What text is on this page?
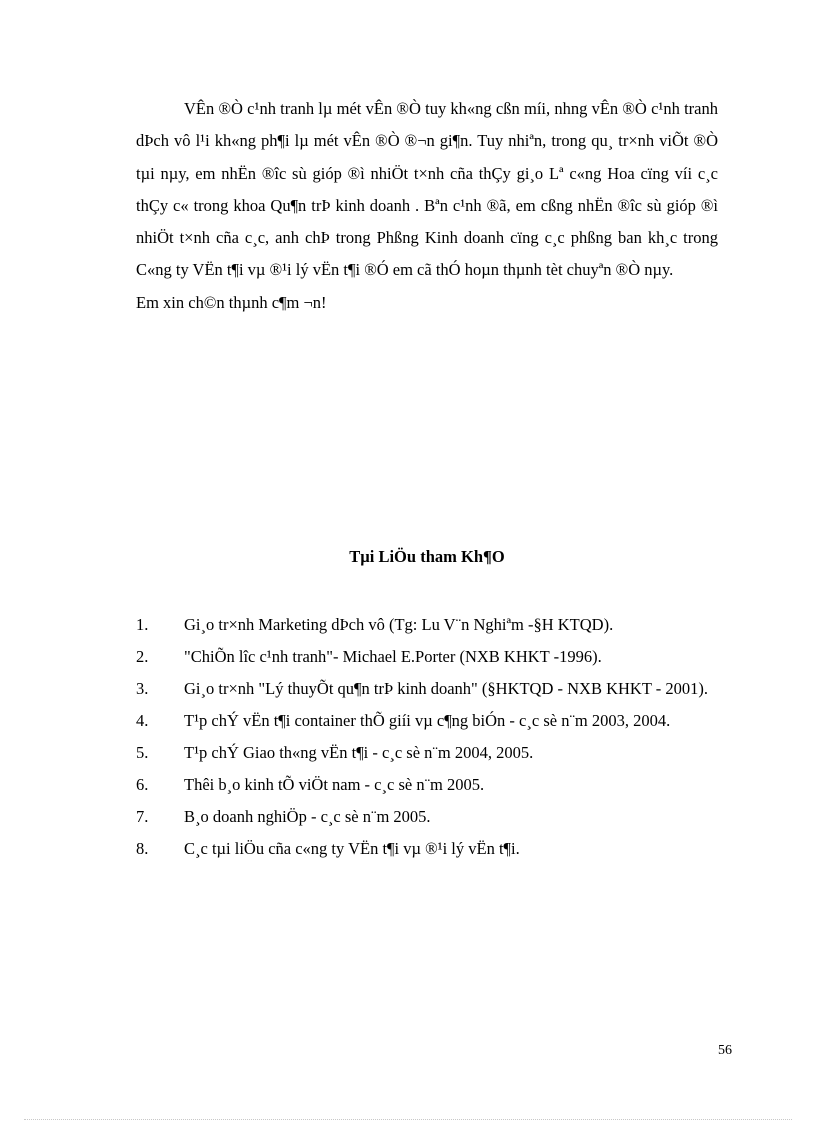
VÊn ®Ò c¹nh tranh lµ mét vÊn ®Ò tuy kh«ng cßn míi, nhng vÊn ®Ò c¹nh tranh dÞch vô l¹i kh«ng ph¶i lµ mét vÊn ®Ò ®¬n gi¶n. Tuy nhiªn, trong qu¸ tr×nh viÕt ®Ò tµi nµy, em nhËn ®îc sù gióp ®ì nhiÖt t×nh cña thÇy gi¸o Lª c«ng Hoa cïng víi c¸c thÇy c« trong khoa Qu¶n trÞ kinh doanh . Bªn c¹nh ®ã, em cßng nhËn ®îc sù gióp ®ì nhiÖt t×nh cña c¸c, anh chÞ trong Phßng Kinh doanh cïng c¸c phßng ban kh¸c trong C«ng ty VËn t¶i vµ ®¹i lý vËn t¶i ®Ó em cã thÓ hoµn thµnh tèt chuyªn ®Ò nµy.

Em xin ch©n thµnh c¶m ¬n!

Tµi LiÖu tham Kh¶O
1. Gi¸o tr×nh Marketing dÞch vô (Tg: Lu V¨n Nghiªm -§H KTQD).
2. "ChiÕn lîc c¹nh tranh"- Michael E.Porter (NXB KHKT -1996).
3. Gi¸o tr×nh "Lý thuyÕt qu¶n trÞ kinh doanh" (§HKTQD - NXB KHKT - 2001).
4. T¹p chÝ vËn t¶i container thÕ giíi vµ c¶ng biÓn - c¸c sè n¨m 2003, 2004.
5. T¹p chÝ Giao th«ng vËn t¶i - c¸c sè n¨m 2004, 2005.
6. Thêi b¸o kinh tÕ viÖt nam - c¸c sè n¨m 2005.
7. B¸o doanh nghiÖp - c¸c sè n¨m 2005.
8. C¸c tµi liÖu cña c«ng ty VËn t¶i vµ ®¹i lý vËn t¶i.
56
